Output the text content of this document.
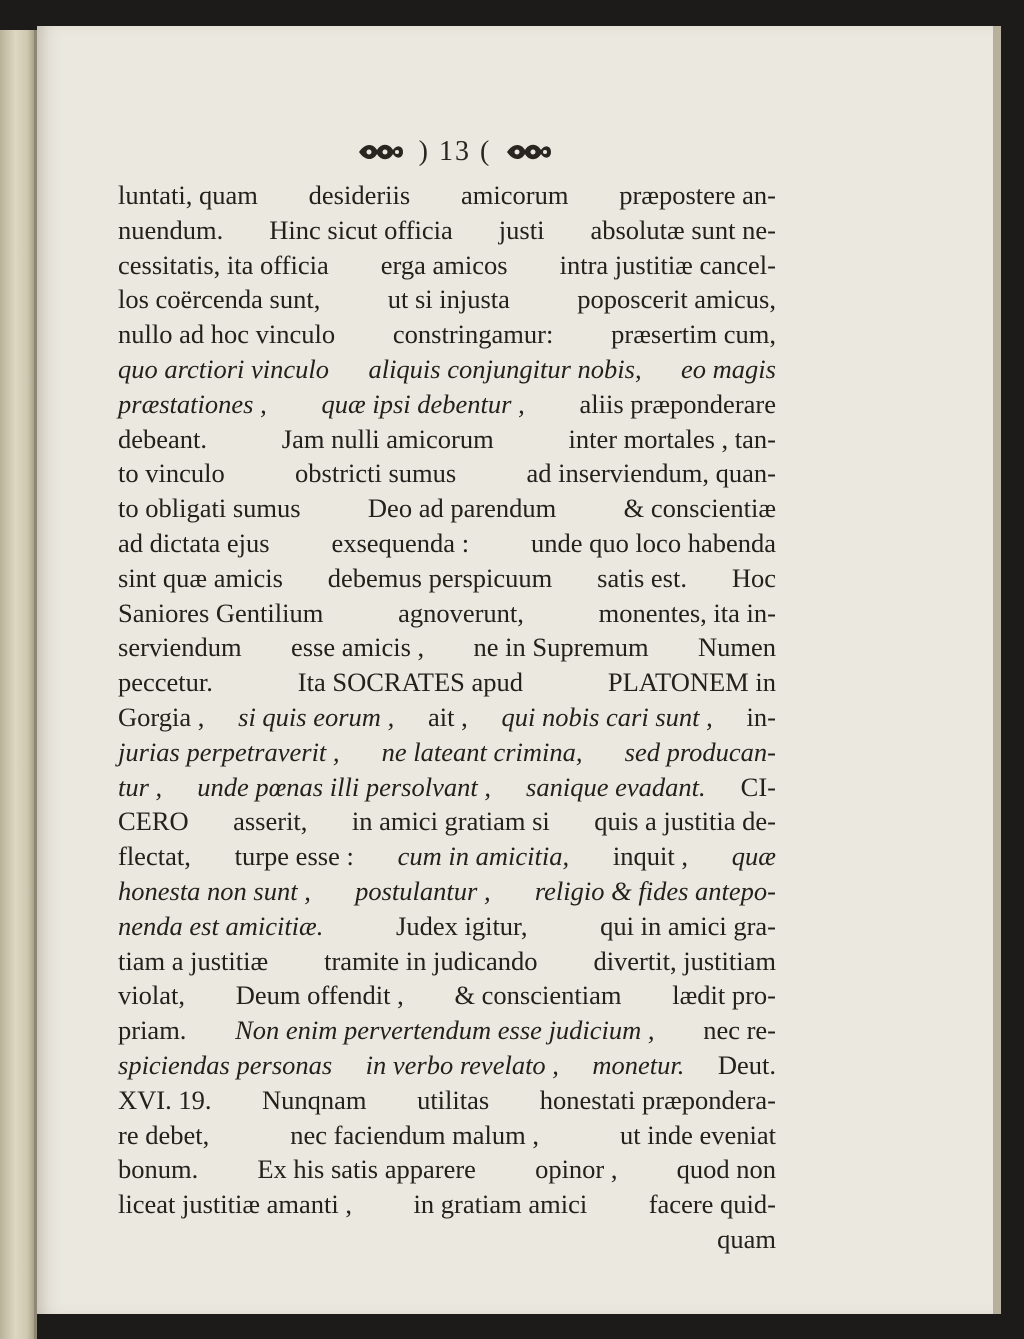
) 13 (
luntati, quam desideriis amicorum præpostere an-
nuendum. Hinc sicut officia justi absolutæ sunt ne-
cessitatis, ita officia erga amicos intra justitiæ cancel-
los coërcenda sunt,	ut si injusta	poposcerit amicus,
nullo ad hoc vinculo constringamur: præsertim cum,
quo arctiori vinculo aliquis conjungitur nobis, eo magis
præstationes , quæ ipsi debentur , aliis præponderare
debeant.	Jam nulli amicorum	inter mortales , tan-
to vinculo	obstricti sumus	ad inserviendum, quan-
to obligati sumus	Deo ad parendum	& conscientiæ
ad dictata ejus exsequenda : unde quo loco habenda
sint quæ amicis debemus perspicuum satis est. Hoc
Saniores Gentilium	agnoverunt,	monentes, ita in-
serviendum esse amicis , ne in Supremum Numen
peccetur.	Ita SOCRATES apud	PLATONEM in
Gorgia , si quis eorum , ait , qui nobis cari sunt , in-
jurias perpetraverit , ne lateant crimina, sed producan-
tur , unde pœnas illi persolvant , sanique evadant. CI-
CERO asserit, in amici gratiam si quis a justitia de-
flectat, turpe esse : cum in amicitia, inquit , quæ
honesta non sunt , postulantur , religio & fides antepo-
nenda est amicitiæ.	Judex igitur,	qui in amici gra-
tiam a justitiæ tramite in judicando divertit, justitiam
violat, Deum offendit , & conscientiam lædit pro-
priam. Non enim pervertendum esse judicium , nec re-
spiciendas personas in verbo revelato , monetur. Deut.
XVI. 19. Nunqnam utilitas honestati præpondera-
re debet,	nec faciendum malum ,	ut inde eveniat
bonum. Ex his satis apparere opinor , quod non
liceat justitiæ amanti , in gratiam amici facere quid-
quam
